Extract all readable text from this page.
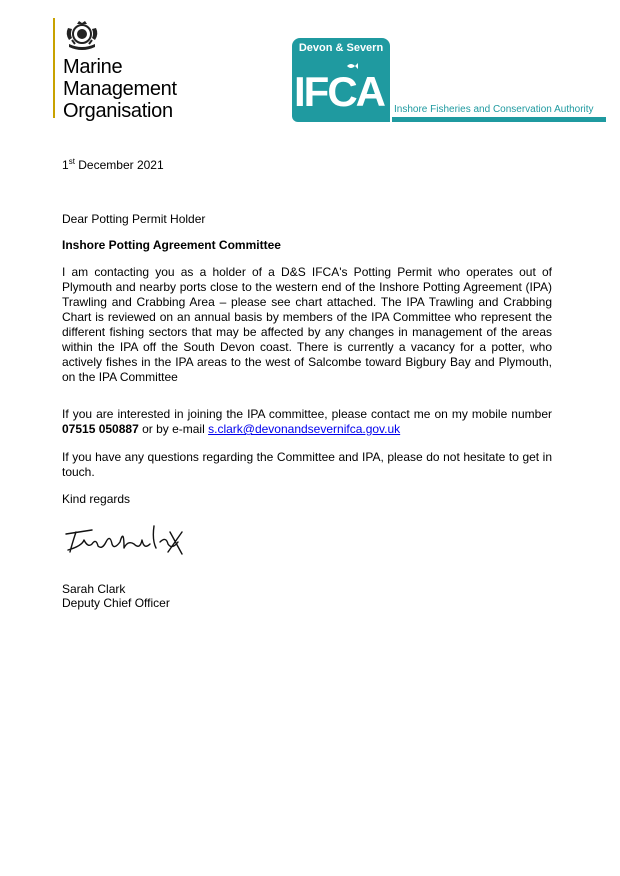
Marine
Management
Organisation
Devon & Severn
IFCA Inshore Fisheries and Conservation Authority
1st December 2021
Dear Potting Permit Holder
Inshore Potting Agreement Committee
I am contacting you as a holder of a D&S IFCA's Potting Permit who operates out of Plymouth and nearby ports close to the western end of the Inshore Potting Agreement (IPA) Trawling and Crabbing Area – please see chart attached. The IPA Trawling and Crabbing Chart is reviewed on an annual basis by members of the IPA Committee who represent the different fishing sectors that may be affected by any changes in management of the areas within the IPA off the South Devon coast. There is currently a vacancy for a potter, who actively fishes in the IPA areas to the west of Salcombe toward Bigbury Bay and Plymouth, on the IPA Committee
If you are interested in joining the IPA committee, please contact me on my mobile number 07515 050887 or by e-mail s.clark@devonandsevernifca.gov.uk
If you have any questions regarding the Committee and IPA, please do not hesitate to get in touch.
Kind regards
Sarah Clark
Deputy Chief Officer
